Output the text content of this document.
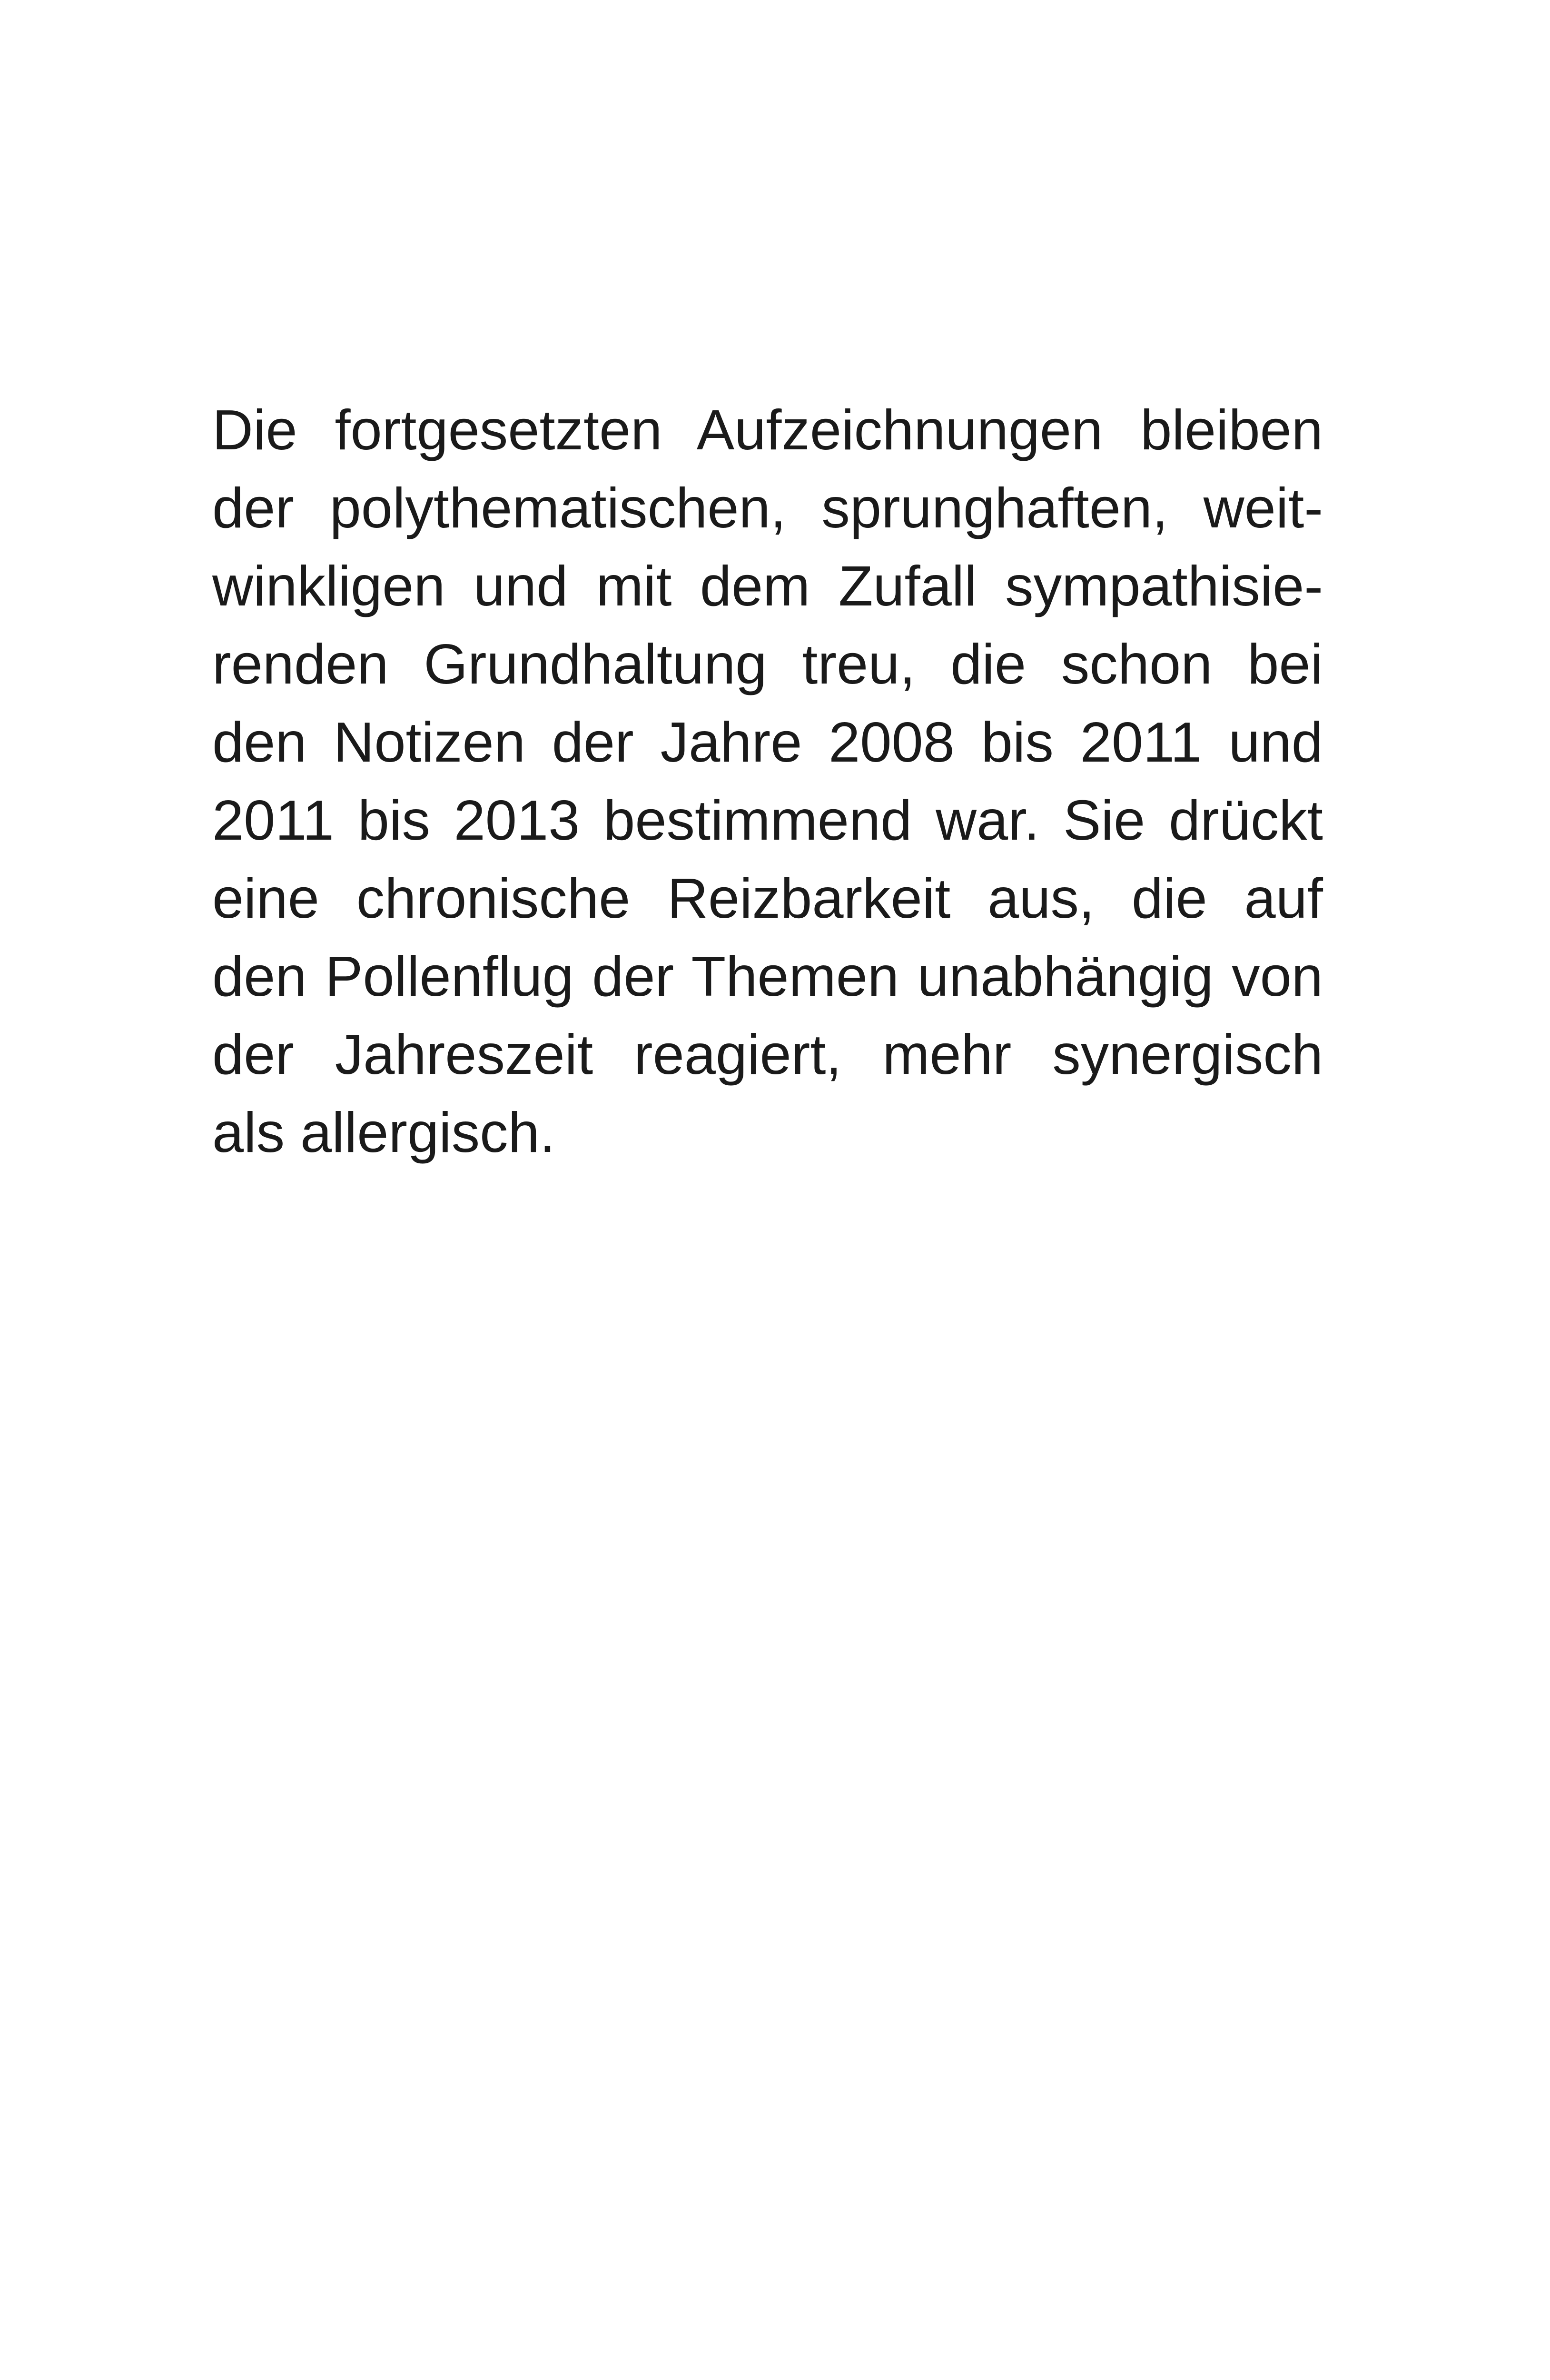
Die fortgesetzten Aufzeichnungen bleiben
der polythematischen, sprunghaften, weit-
winkligen und mit dem Zufall sympathisie-
renden Grundhaltung treu, die schon bei
den Notizen der Jahre 2008 bis 2011 und
2011 bis 2013 bestimmend war. Sie drückt
eine chronische Reizbarkeit aus, die auf
den Pollenflug der Themen unabhängig von
der Jahreszeit reagiert, mehr synergisch
als allergisch.
